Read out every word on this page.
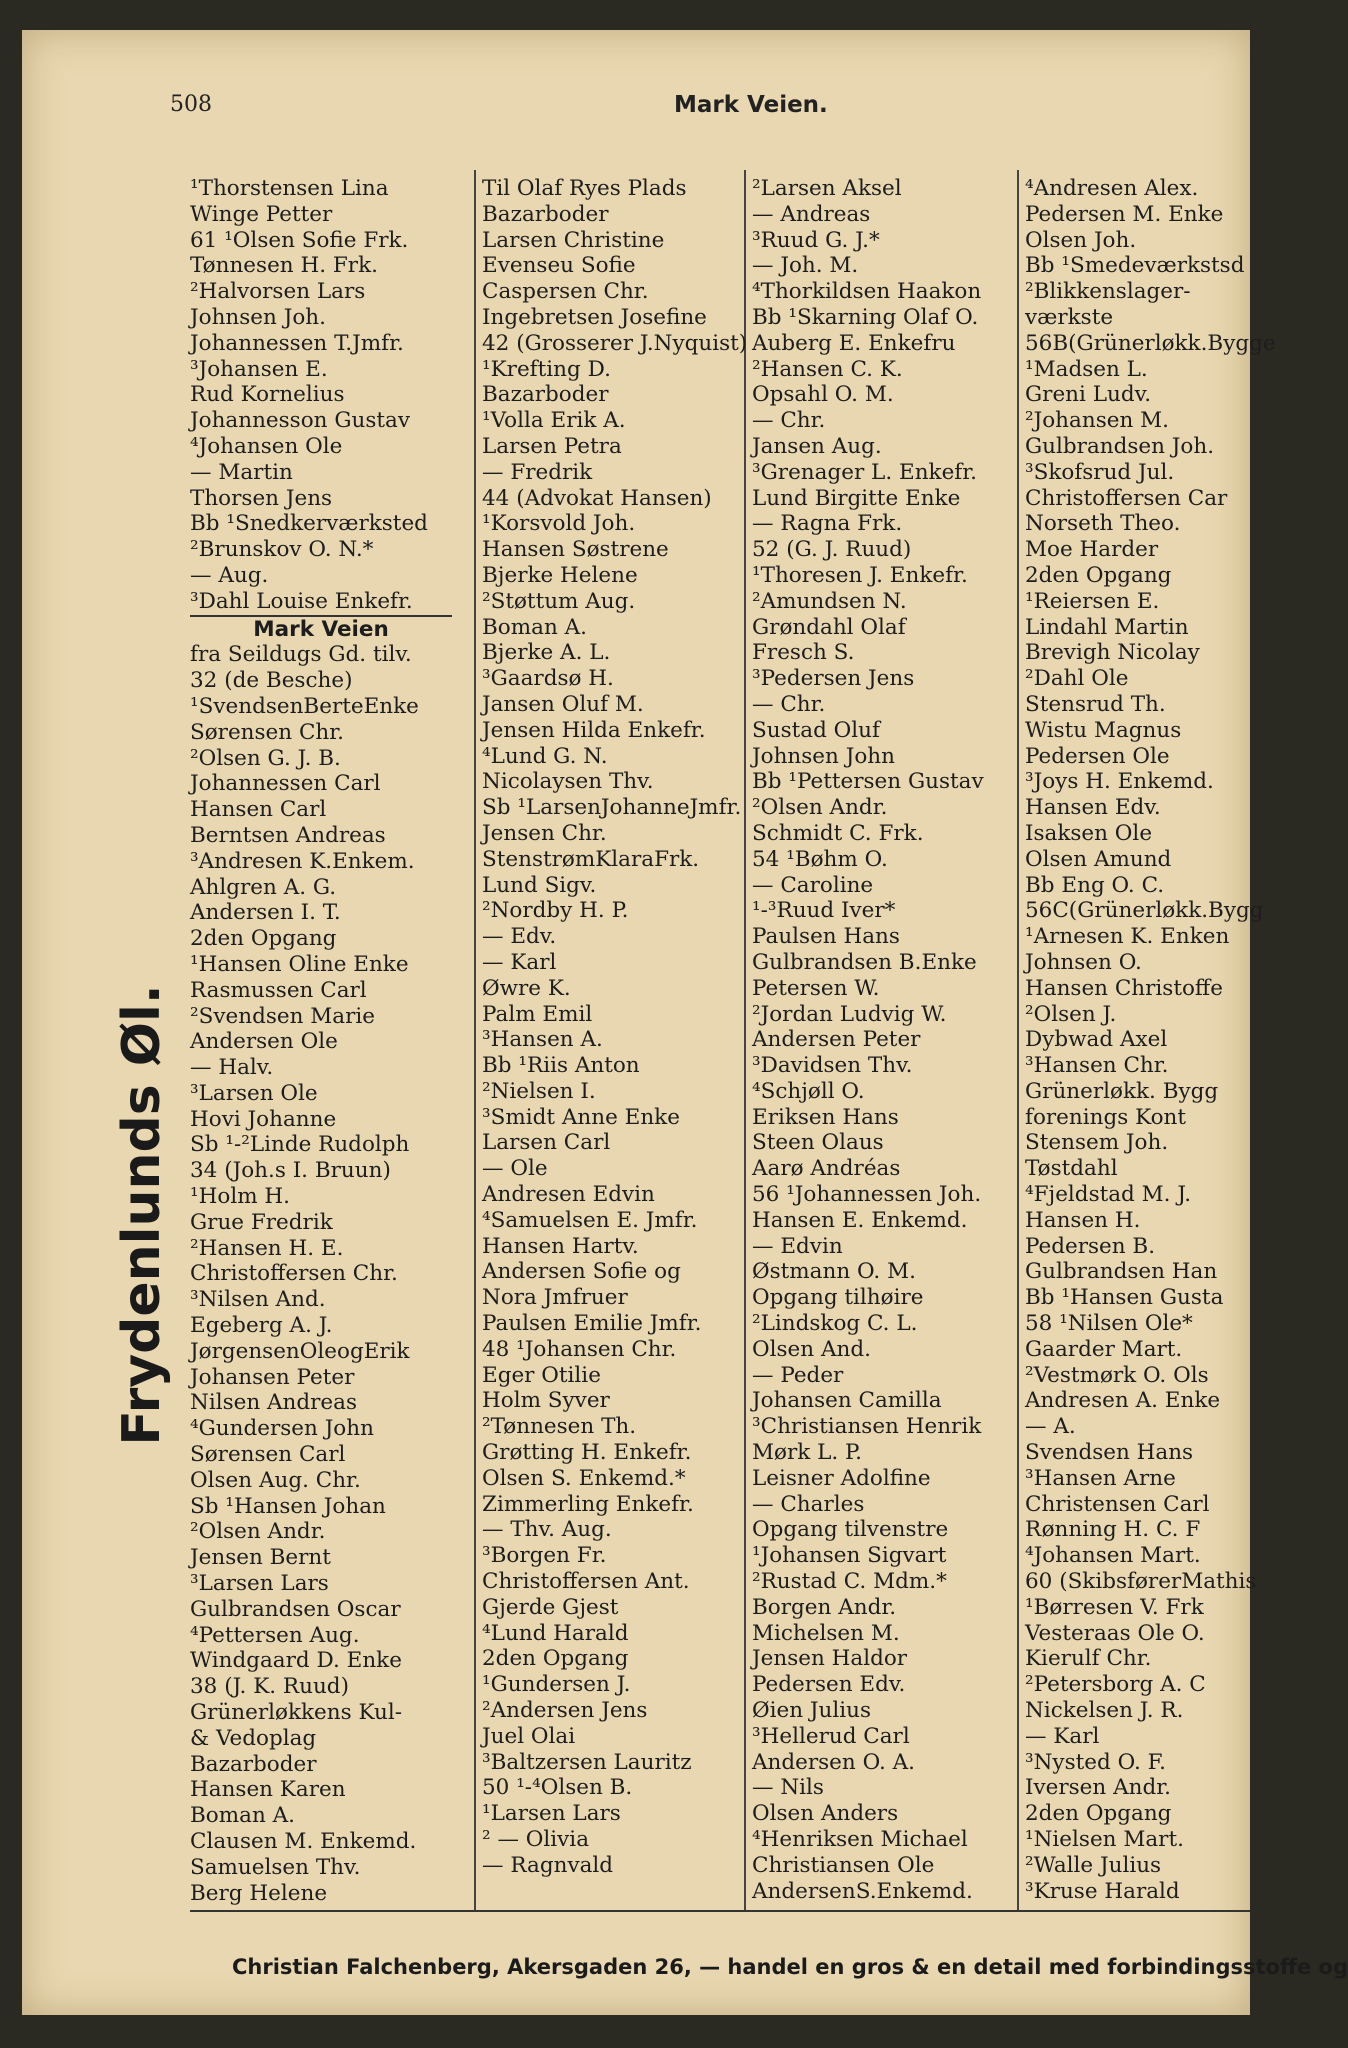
508	Mark Veien.
Frydenlunds Øl.
¹Thorstensen Lina
Winge Petter
61 ¹Olsen Sofie Frk.
Tønnesen H. Frk.
²Halvorsen Lars
Johnsen Joh.
Johannessen T.Jmfr.
³Johansen E.
Rud Kornelius
Johannesson Gustav
⁴Johansen Ole
— Martin
Thorsen Jens
Bb ¹Snedkerværksted
²Brunskov O. N.*
— Aug.
³Dahl Louise Enkefr.
Mark Veien
fra Seildugs Gd. tilv.
32 (de Besche)
¹SvendsenBerteEnke
Sørensen Chr.
²Olsen G. J. B.
Johannessen Carl
Hansen Carl
Berntsen Andreas
³Andresen K.Enkem.
Ahlgren A. G.
Andersen I. T.
2den Opgang
¹Hansen Oline Enke
Rasmussen Carl
²Svendsen Marie
Andersen Ole
— Halv.
³Larsen Ole
Hovi Johanne
Sb ¹-²Linde Rudolph
34 (Joh.s I. Bruun)
¹Holm H.
Grue Fredrik
²Hansen H. E.
Christoffersen Chr.
³Nilsen And.
Egeberg A. J.
JørgensenOleogErik
Johansen Peter
Nilsen Andreas
⁴Gundersen John
Sørensen Carl
Olsen Aug. Chr.
Sb ¹Hansen Johan
²Olsen Andr.
Jensen Bernt
³Larsen Lars
Gulbrandsen Oscar
⁴Pettersen Aug.
Windgaard D. Enke
38 (J. K. Ruud)
Grünerløkkens Kul-
& Vedoplag
Bazarboder
Hansen Karen
Boman A.
Clausen M. Enkemd.
Samuelsen Thv.
Berg Helene
Til Olaf Ryes Plads
Bazarboder
Larsen Christine
Evenseu Sofie
Caspersen Chr.
Ingebretsen Josefine
42 (Grosserer J.Nyquist)
¹Krefting D.
Bazarboder
¹Volla Erik A.
Larsen Petra
— Fredrik
44 (Advokat Hansen)
¹Korsvold Joh.
Hansen Søstrene
Bjerke Helene
²Støttum Aug.
Boman A.
Bjerke A. L.
³Gaardsø H.
Jansen Oluf M.
Jensen Hilda Enkefr.
⁴Lund G. N.
Nicolaysen Thv.
Sb ¹LarsenJohanneJmfr.
Jensen Chr.
StenstrømKlaraFrk.
Lund Sigv.
²Nordby H. P.
— Edv.
— Karl
Øwre K.
Palm Emil
³Hansen A.
Bb ¹Riis Anton
²Nielsen I.
³Smidt Anne Enke
Larsen Carl
— Ole
Andresen Edvin
⁴Samuelsen E. Jmfr.
Hansen Hartv.
Andersen Sofie og
Nora Jmfruer
Paulsen Emilie Jmfr.
48 ¹Johansen Chr.
Eger Otilie
Holm Syver
²Tønnesen Th.
Grøtting H. Enkefr.
Olsen S. Enkemd.*
Zimmerling Enkefr.
— Thv. Aug.
³Borgen Fr.
Christoffersen Ant.
Gjerde Gjest
⁴Lund Harald
2den Opgang
¹Gundersen J.
²Andersen Jens
Juel Olai
³Baltzersen Lauritz
50 ¹-⁴Olsen B.
¹Larsen Lars
² — Olivia
— Ragnvald
²Larsen Aksel
— Andreas
³Ruud G. J.*
— Joh. M.
⁴Thorkildsen Haakon
Bb ¹Skarning Olaf O.
Auberg E. Enkefru
²Hansen C. K.
Opsahl O. M.
— Chr.
Jansen Aug.
³Grenager L. Enkefr.
Lund Birgitte Enke
— Ragna Frk.
52 (G. J. Ruud)
¹Thoresen J. Enkefr.
²Amundsen N.
Grøndahl Olaf
Fresch S.
³Pedersen Jens
— Chr.
Sustad Oluf
Johnsen John
Bb ¹Pettersen Gustav
²Olsen Andr.
Schmidt C. Frk.
54 ¹Bøhm O.
— Caroline
¹-³Ruud Iver*
Paulsen Hans
Gulbrandsen B.Enke
Petersen W.
²Jordan Ludvig W.
Andersen Peter
³Davidsen Thv.
⁴Schjøll O.
Eriksen Hans
Steen Olaus
Aarø Andréas
56 ¹Johannessen Joh.
Hansen E. Enkemd.
— Edvin
Østmann O. M.
Opgang tilhøire
²Lindskog C. L.
Olsen And.
— Peder
Johansen Camilla
³Christiansen Henrik
Mørk L. P.
Leisner Adolfine
— Charles
Opgang tilvenstre
¹Johansen Sigvart
²Rustad C. Mdm.*
Borgen Andr.
Michelsen M.
Jensen Haldor
Pedersen Edv.
Øien Julius
³Hellerud Carl
Andersen O. A.
— Nils
Olsen Anders
⁴Henriksen Michael
Christiansen Ole
AndersenS.Enkemd.
⁴Andresen Alex.
Pedersen M. Enke
Olsen Joh.
Bb ¹Smedeværkstsd
²Blikkenslager-
værkste
56B(Grünerløkk.Bygge
¹Madsen L.
Greni Ludv.
²Johansen M.
Gulbrandsen Joh.
³Skofsrud Jul.
Christoffersen Car
Norseth Theo.
Moe Harder
2den Opgang
¹Reiersen E.
Lindahl Martin
Brevigh Nicolay
²Dahl Ole
Stensrud Th.
Wistu Magnus
Pedersen Ole
³Joys H. Enkemd.
Hansen Edv.
Isaksen Ole
Olsen Amund
Bb Eng O. C.
56C(Grünerløkk.Bygg
¹Arnesen K. Enken
Johnsen O.
Hansen Christoffe
²Olsen J.
Dybwad Axel
³Hansen Chr.
Grünerløkk. Bygg
forenings Kont
Stensem Joh.
Tøstdahl
⁴Fjeldstad M. J.
Hansen H.
Pedersen B.
Gulbrandsen Han
Bb ¹Hansen Gusta
58 ¹Nilsen Ole*
Gaarder Mart.
²Vestmørk O. Ols
Andresen A. Enke
— A.
Svendsen Hans
³Hansen Arne
Christensen Carl
Rønning H. C. F
⁴Johansen Mart.
60 (SkibsførerMathis
¹Børresen V. Frk
Vesteraas Ole O.
Kierulf Chr.
²Petersborg A. C
Nickelsen J. R.
— Karl
³Nysted O. F.
Iversen Andr.
2den Opgang
¹Nielsen Mart.
²Walle Julius
³Kruse Harald
Christian Falchenberg, Akersgaden 26, — handel en gros & en detail med forbindingsstoffe og
